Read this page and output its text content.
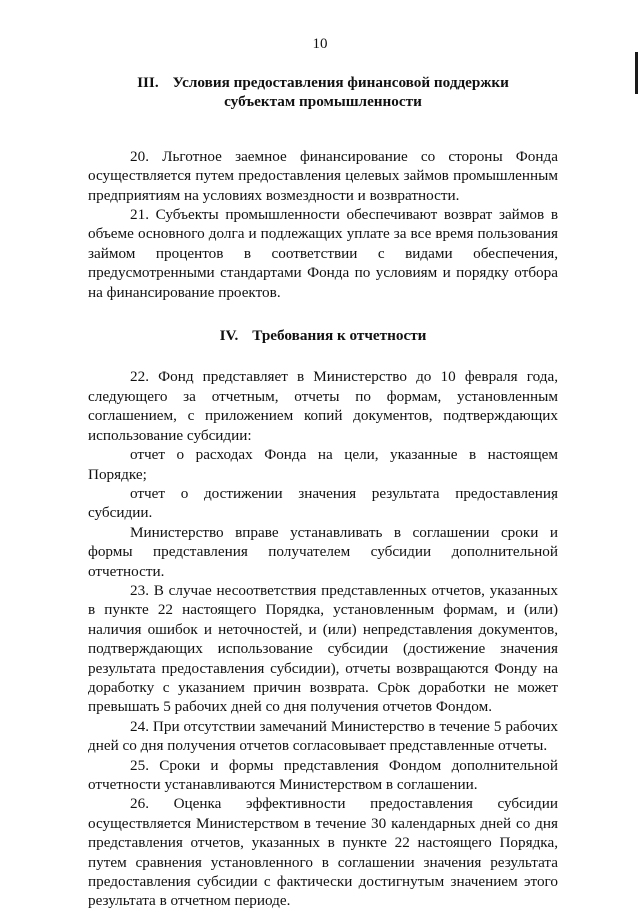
10
III. Условия предоставления финансовой поддержки
субъектам промышленности

20. Льготное заемное финансирование со стороны Фонда осуществляется путем предоставления целевых займов промышленным предприятиям на условиях возмездности и возвратности.

21. Субъекты промышленности обеспечивают возврат займов в объеме основного долга и подлежащих уплате за все время пользования займом процентов в соответствии с видами обеспечения, предусмотренными стандартами Фонда по условиям и порядку отбора на финансирование проектов.

IV. Требования к отчетности

22. Фонд представляет в Министерство до 10 февраля года, следующего за отчетным, отчеты по формам, установленным соглашением, с приложением копий документов, подтверждающих использование субсидии:

отчет о расходах Фонда на цели, указанные в настоящем Порядке;

отчет о достижении значения результата предоставления субсидии.

Министерство вправе устанавливать в соглашении сроки и формы представления получателем субсидии дополнительной отчетности.

23. В случае несоответствия представленных отчетов, указанных в пункте 22 настоящего Порядка, установленным формам, и (или) наличия ошибок и неточностей, и (или) непредставления документов, подтверждающих использование субсидии (достижение значения результата предоставления субсидии), отчеты возвращаются Фонду на доработку с указанием причин возврата. Срок доработки не может превышать 5 рабочих дней со дня получения отчетов Фондом.

24. При отсутствии замечаний Министерство в течение 5 рабочих дней со дня получения отчетов согласовывает представленные отчеты.

25. Сроки и формы представления Фондом дополнительной отчетности устанавливаются Министерством в соглашении.

26. Оценка эффективности предоставления субсидии осуществляется Министерством в течение 30 календарных дней со дня представления отчетов, указанных в пункте 22 настоящего Порядка, путем сравнения установленного в соглашении значения результата предоставления субсидии с фактически достигнутым значением этого результата в отчетном периоде.
